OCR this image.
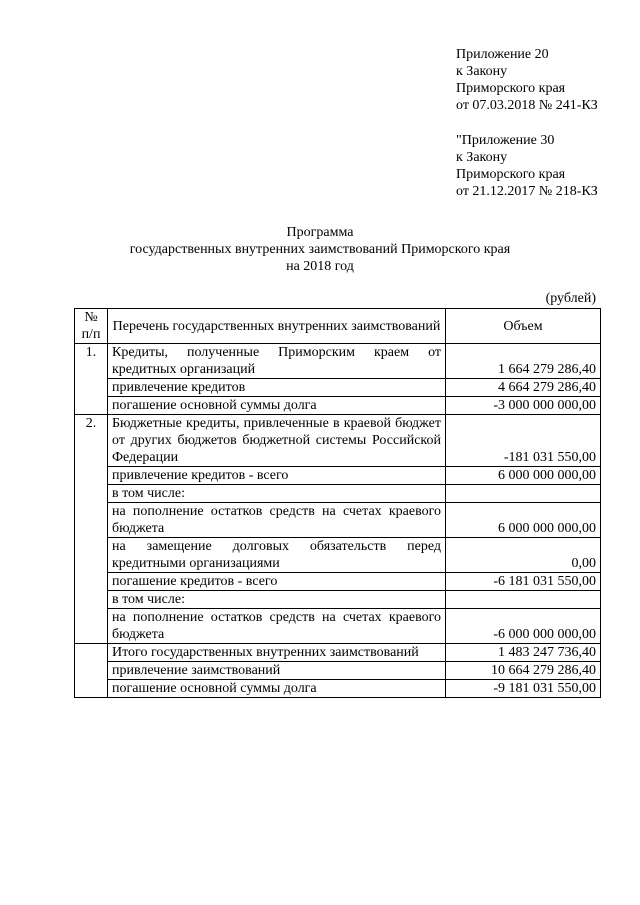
Приложение 20
к Закону
Приморского края
от 07.03.2018 № 241-КЗ
"Приложение 30
к Закону
Приморского края
от 21.12.2017 № 218-КЗ
Программа
государственных внутренних заимствований Приморского края
на 2018 год
(рублей)
№ п/п	Перечень государственных внутренних заимствований	Объем
1.	Кредиты, полученные Приморским краем от кредитных организаций	1 664 279 286,40
	привлечение кредитов	4 664 279 286,40
	погашение основной суммы долга	-3 000 000 000,00
2.	Бюджетные кредиты, привлеченные в краевой бюджет от других бюджетов бюджетной системы Российской Федерации	-181 031 550,00
	привлечение кредитов - всего	6 000 000 000,00
	в том числе:	
	на пополнение остатков средств на счетах краевого бюджета	6 000 000 000,00
	на замещение долговых обязательств перед кредитными организациями	0,00
	погашение кредитов - всего	-6 181 031 550,00
	в том числе:	
	на пополнение остатков средств на счетах краевого бюджета	-6 000 000 000,00
	Итого государственных внутренних заимствований	1 483 247 736,40
	привлечение заимствований	10 664 279 286,40
	погашение основной суммы долга	-9 181 031 550,00
